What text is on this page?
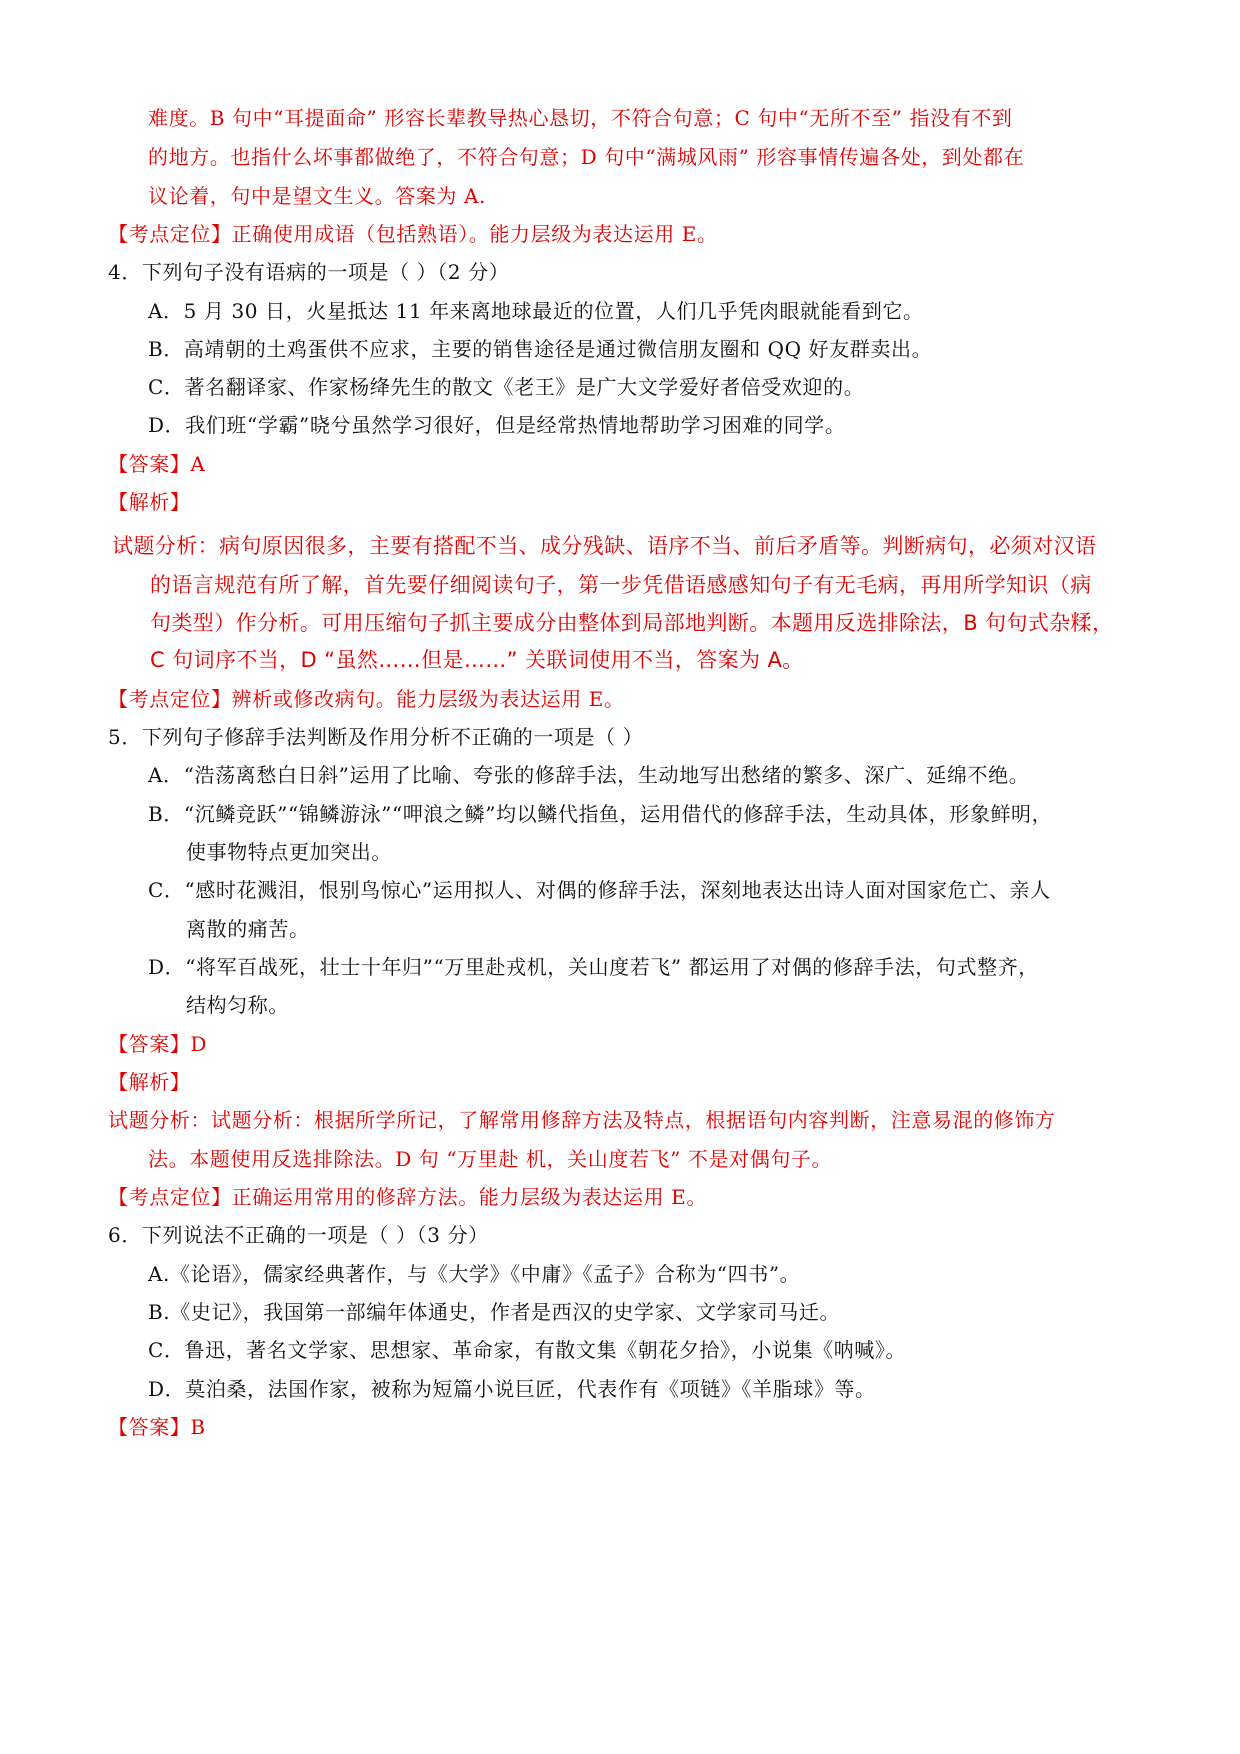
难度。B 句中“耳提面命” 形容长辈教导热心恳切，不符合句意；C 句中“无所不至” 指没有不到
的地方。也指什么坏事都做绝了，不符合句意；D 句中“满城风雨” 形容事情传遍各处，到处都在
议论着，句中是望文生义。答案为 A.
【考点定位】正确使用成语（包括熟语）。能力层级为表达运用 E。
4．下列句子没有语病的一项是（ ）（2 分）
A．5 月 30 日，火星抵达 11 年来离地球最近的位置，人们几乎凭肉眼就能看到它。
B．高靖朝的土鸡蛋供不应求，主要的销售途径是通过微信朋友圈和 QQ 好友群卖出。
C．著名翻译家、作家杨绛先生的散文《老王》是广大文学爱好者倍受欢迎的。
D．我们班“学霸”晓兮虽然学习很好，但是经常热情地帮助学习困难的同学。
【答案】A
【解析】
试题分析：病句原因很多，主要有搭配不当、成分残缺、语序不当、前后矛盾等。判断病句，必须对汉语
的语言规范有所了解，首先要仔细阅读句子，第一步凭借语感感知句子有无毛病，再用所学知识（病
句类型）作分析。可用压缩句子抓主要成分由整体到局部地判断。本题用反选排除法，B 句句式杂糅，
C 句词序不当，D “虽然……但是……” 关联词使用不当，答案为 A。
【考点定位】辨析或修改病句。能力层级为表达运用 E。
5．下列句子修辞手法判断及作用分析不正确的一项是（ ）
A．“浩荡离愁白日斜”运用了比喻、夸张的修辞手法，生动地写出愁绪的繁多、深广、延绵不绝。
B．“沉鳞竞跃”“锦鳞游泳”“呷浪之鳞”均以鳞代指鱼，运用借代的修辞手法，生动具体，形象鲜明，
使事物特点更加突出。
C．“感时花溅泪，恨别鸟惊心”运用拟人、对偶的修辞手法，深刻地表达出诗人面对国家危亡、亲人
离散的痛苦。
D．“将军百战死，壮士十年归”“万里赴戎机，关山度若飞” 都运用了对偶的修辞手法，句式整齐，
结构匀称。
【答案】D
【解析】
试题分析：试题分析：根据所学所记，了解常用修辞方法及特点，根据语句内容判断，注意易混的修饰方
法。本题使用反选排除法。D 句 “万里赴 机，关山度若飞” 不是对偶句子。
【考点定位】正确运用常用的修辞方法。能力层级为表达运用 E。
6．下列说法不正确的一项是（ ）（3 分）
A.《论语》，儒家经典著作，与《大学》《中庸》《孟子》合称为“四书”。
B.《史记》，我国第一部编年体通史，作者是西汉的史学家、文学家司马迁。
C．鲁迅，著名文学家、思想家、革命家，有散文集《朝花夕拾》，小说集《呐喊》。
D．莫泊桑，法国作家，被称为短篇小说巨匠，代表作有《项链》《羊脂球》等。
【答案】B
